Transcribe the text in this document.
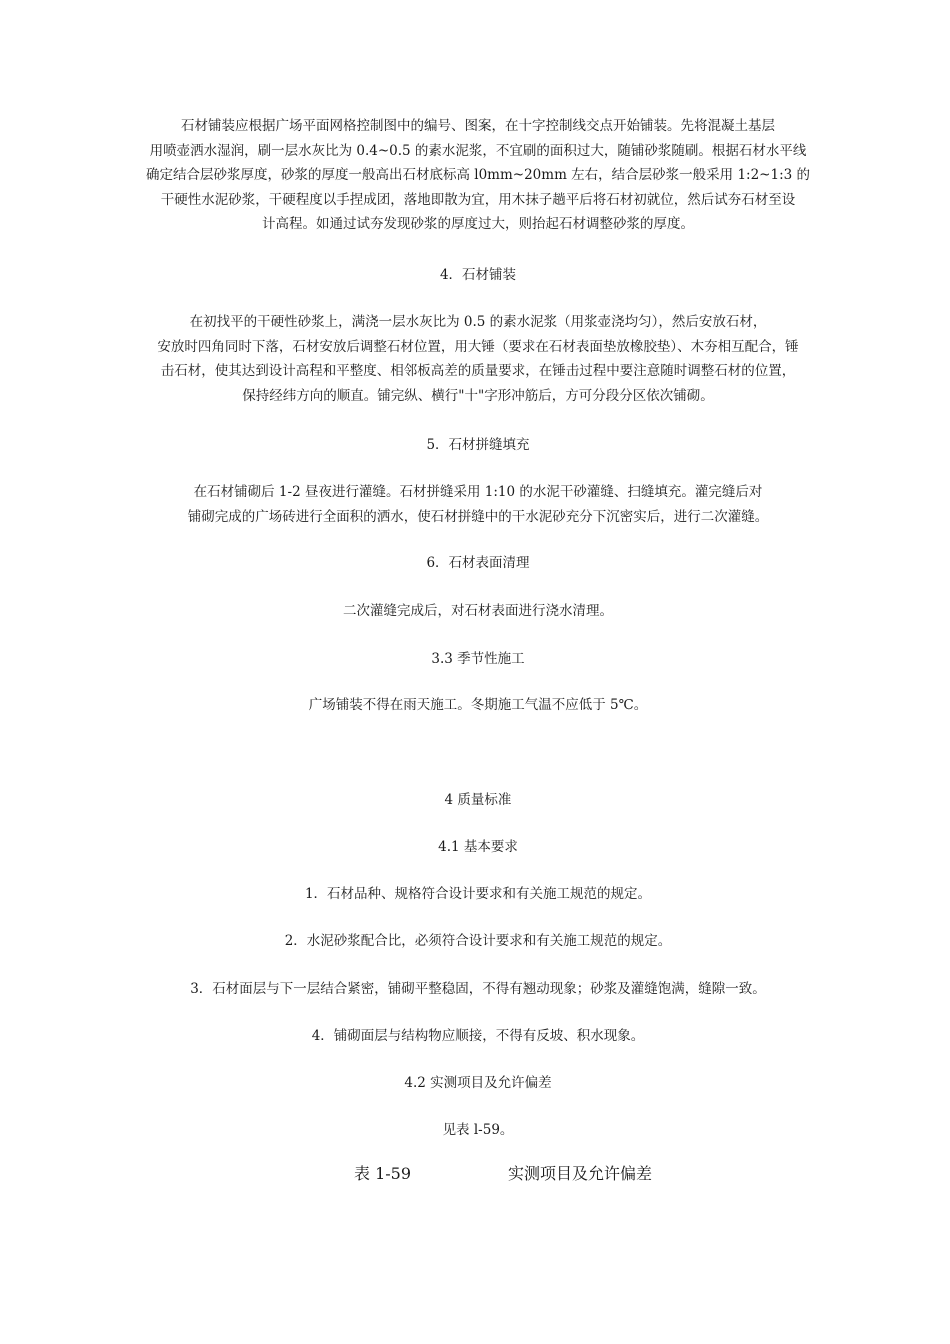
石材铺装应根据广场平面网格控制图中的编号、图案，在十字控制线交点开始铺装。先将混凝土基层
用喷壶洒水湿润，刷一层水灰比为 0.4~0.5 的素水泥浆，不宜刷的面积过大，随铺砂浆随刷。根据石材水平线
确定结合层砂浆厚度，砂浆的厚度一般高出石材底标高 l0mm~20mm 左右，结合层砂浆一般采用 1:2~1:3 的
干硬性水泥砂浆，干硬程度以手捏成团，落地即散为宜，用木抹子趟平后将石材初就位，然后试夯石材至设
计高程。如通过试夯发现砂浆的厚度过大，则抬起石材调整砂浆的厚度。
4．石材铺装
在初找平的干硬性砂浆上，满浇一层水灰比为 0.5 的素水泥浆（用浆壶浇均匀），然后安放石材，
安放时四角同时下落，石材安放后调整石材位置，用大锤（要求在石材表面垫放橡胶垫）、木夯相互配合，锤
击石材，使其达到设计高程和平整度、相邻板高差的质量要求，在锤击过程中要注意随时调整石材的位置，
保持经纬方向的顺直。铺完纵、横行"十"字形冲筋后，方可分段分区依次铺砌。
5．石材拼缝填充
在石材铺砌后 1-2 昼夜进行灌缝。石材拼缝采用 1:10 的水泥干砂灌缝、扫缝填充。灌完缝后对
铺砌完成的广场砖进行全面积的洒水，使石材拼缝中的干水泥砂充分下沉密实后，进行二次灌缝。
6．石材表面清理
二次灌缝完成后，对石材表面进行浇水清理。
3.3 季节性施工
广场铺装不得在雨天施工。冬期施工气温不应低于 5℃。
4 质量标准
4.1 基本要求
1．石材品种、规格符合设计要求和有关施工规范的规定。
2．水泥砂浆配合比，必须符合设计要求和有关施工规范的规定。
3．石材面层与下一层结合紧密，铺砌平整稳固，不得有翘动现象；砂浆及灌缝饱满，缝隙一致。
4．铺砌面层与结构物应顺接，不得有反坡、积水现象。
4.2 实测项目及允许偏差
见表 l-59。
表 1-59	实测项目及允许偏差
